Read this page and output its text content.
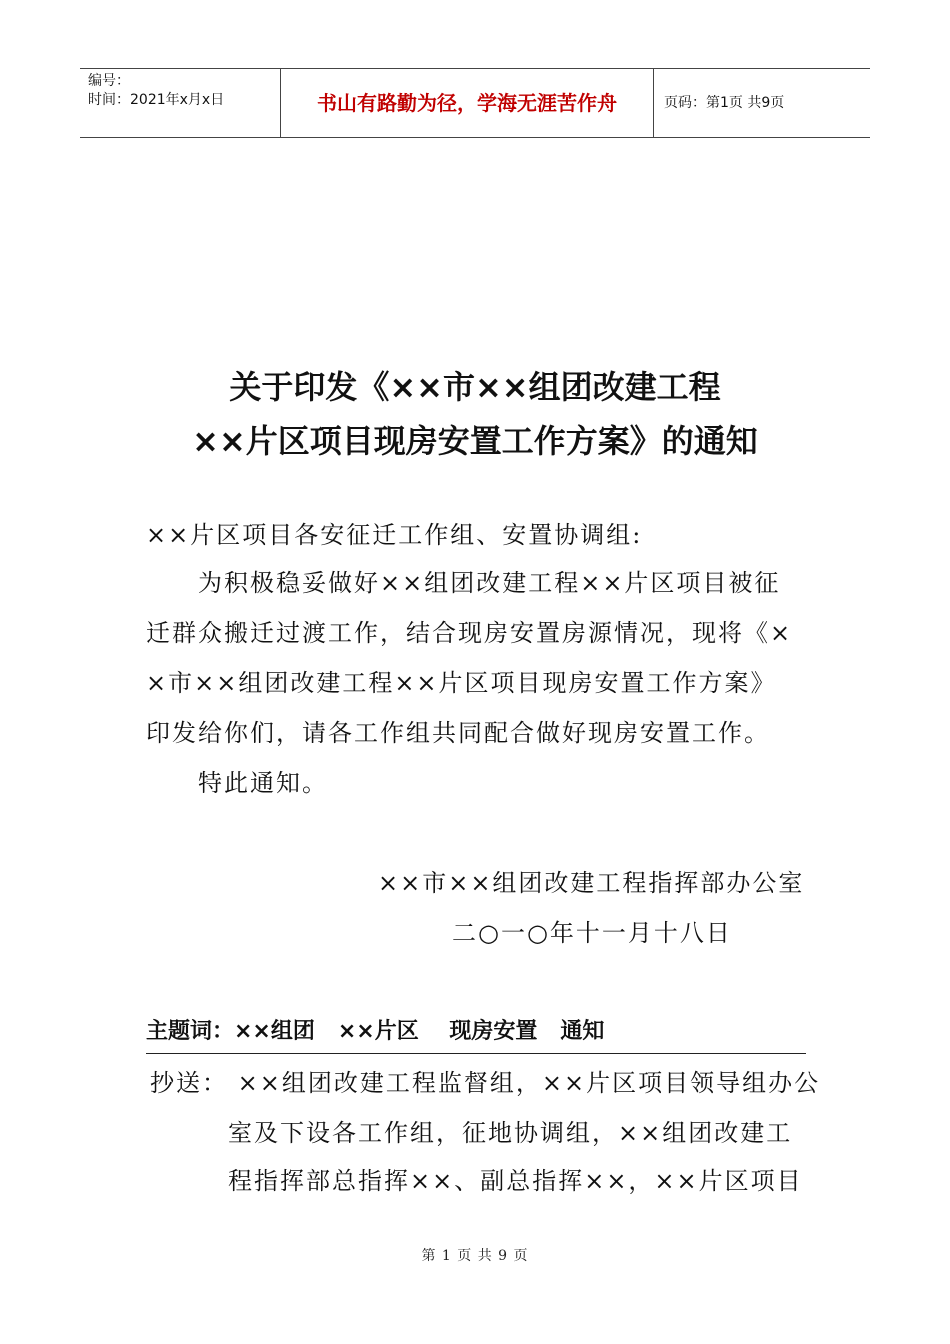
编号：
时间：2021年x月x日	书山有路勤为径，学海无涯苦作舟	页码：第1页 共9页
关于印发《××市××组团改建工程
××片区项目现房安置工作方案》的通知
××片区项目各安征迁工作组、安置协调组:
为积极稳妥做好××组团改建工程××片区项目被征
迁群众搬迁过渡工作，结合现房安置房源情况，现将《×
×市××组团改建工程××片区项目现房安置工作方案》
印发给你们，请各工作组共同配合做好现房安置工作。
特此通知。
××市××组团改建工程指挥部办公室
二○一○年十一月十八日
主题词：××组团   ××片区    现房安置   通知
抄送： ××组团改建工程监督组，××片区项目领导组办公
室及下设各工作组，征地协调组，××组团改建工
程指挥部总指挥××、副总指挥××，××片区项目
第 1 页 共 9 页
